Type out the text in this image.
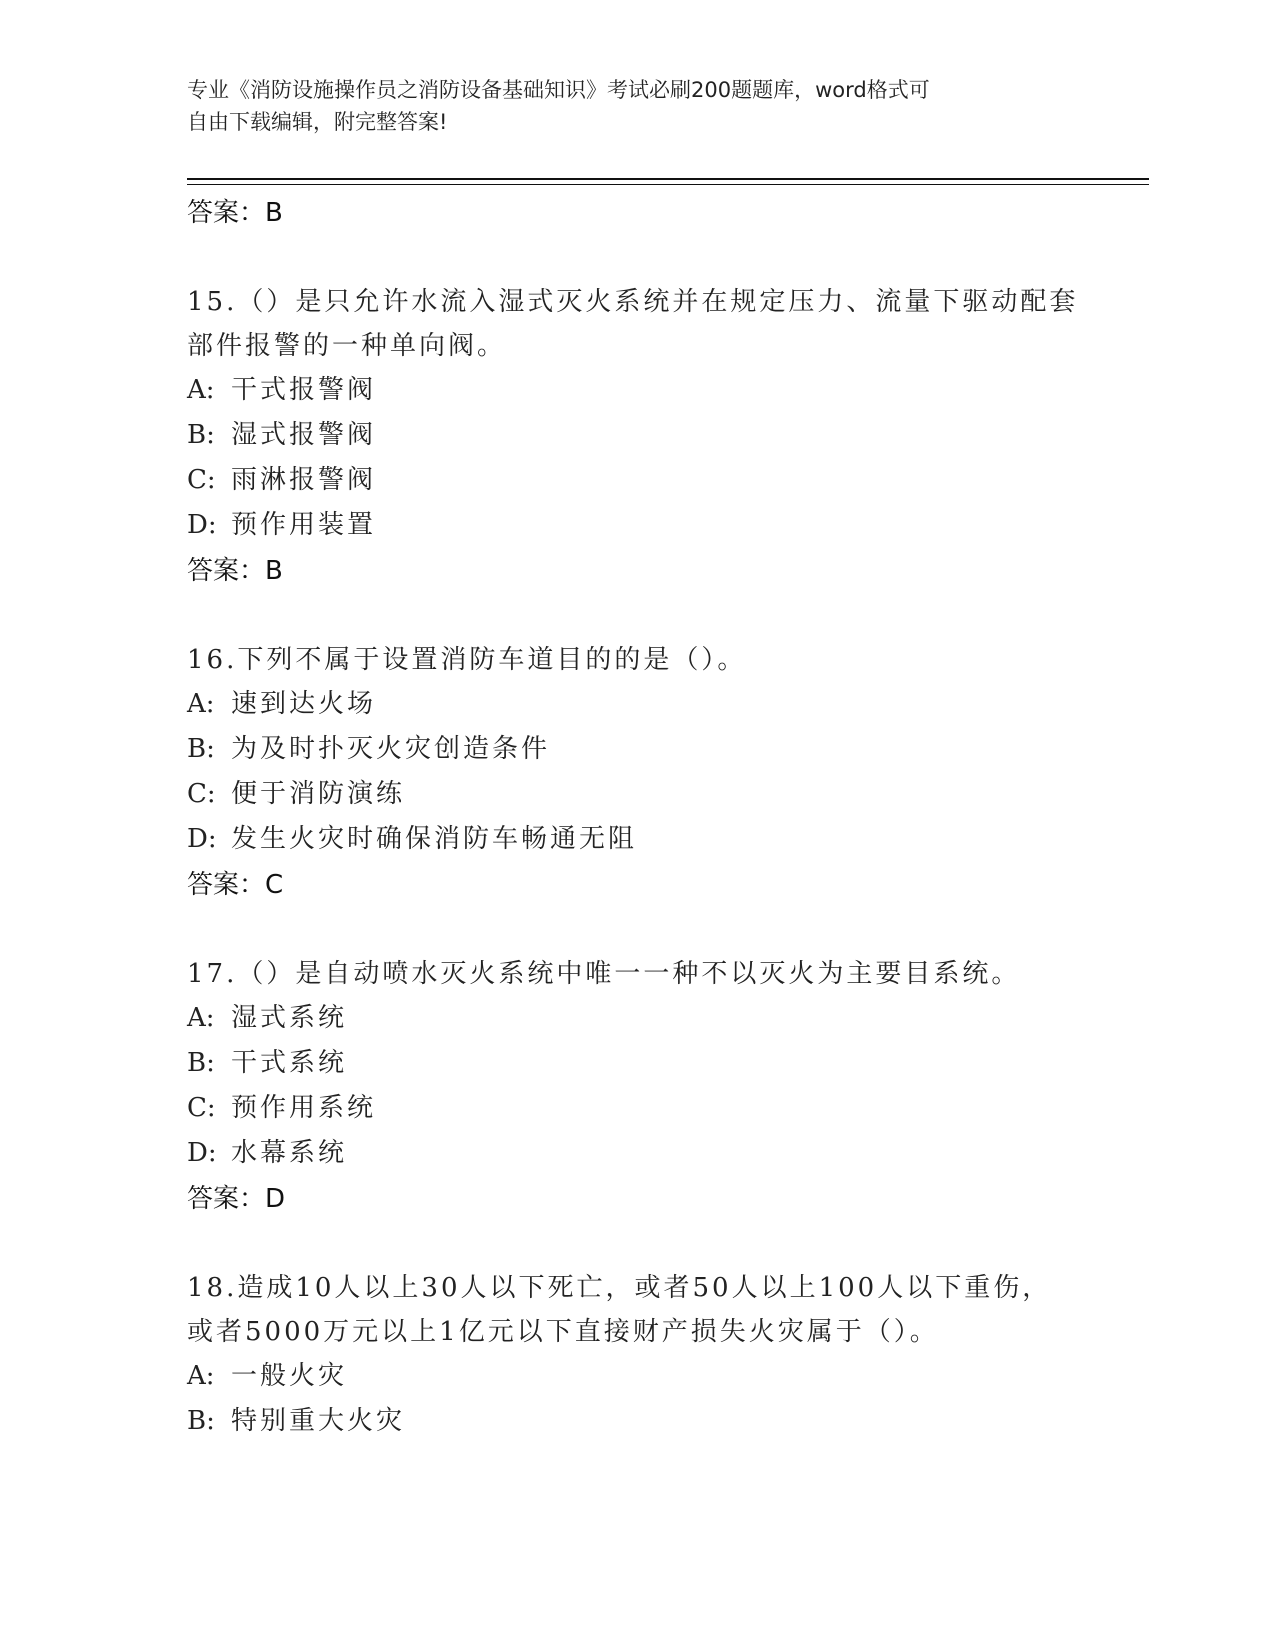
专业《消防设施操作员之消防设备基础知识》考试必刷200题题库，word格式可
自由下载编辑，附完整答案!
答案：B
15.（）是只允许水流入湿式灭火系统并在规定压力、流量下驱动配套
部件报警的一种单向阀。
A: 干式报警阀
B: 湿式报警阀
C: 雨淋报警阀
D: 预作用装置
答案：B
16.下列不属于设置消防车道目的的是（）。
A: 速到达火场
B: 为及时扑灭火灾创造条件
C: 便于消防演练
D: 发生火灾时确保消防车畅通无阻
答案：C
17.（）是自动喷水灭火系统中唯一一种不以灭火为主要目系统。
A: 湿式系统
B: 干式系统
C: 预作用系统
D: 水幕系统
答案：D
18.造成10人以上30人以下死亡，或者50人以上100人以下重伤，
或者5000万元以上1亿元以下直接财产损失火灾属于（）。
A: 一般火灾
B: 特别重大火灾
